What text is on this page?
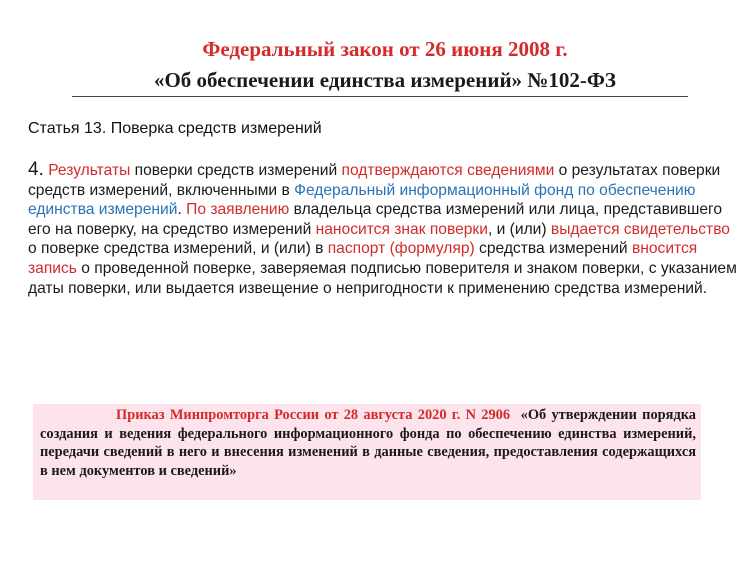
Федеральный закон от 26 июня 2008 г.
«Об обеспечении единства измерений» №102-ФЗ
Статья 13. Поверка средств измерений
4. Результаты поверки средств измерений подтверждаются сведениями о результатах поверки средств измерений, включенными в Федеральный информационный фонд по обеспечению единства измерений. По заявлению владельца средства измерений или лица, представившего его на поверку, на средство измерений наносится знак поверки, и (или) выдается свидетельство о поверке средства измерений, и (или) в паспорт (формуляр) средства измерений вносится запись о проведенной поверке, заверяемая подписью поверителя и знаком поверки, с указанием даты поверки, или выдается извещение о непригодности к применению средства измерений.
Приказ Минпромторга России от 28 августа 2020 г. N 2906 «Об утверждении порядка создания и ведения федерального информационного фонда по обеспечению единства измерений, передачи сведений в него и внесения изменений в данные сведения, предоставления содержащихся в нем документов и сведений»
